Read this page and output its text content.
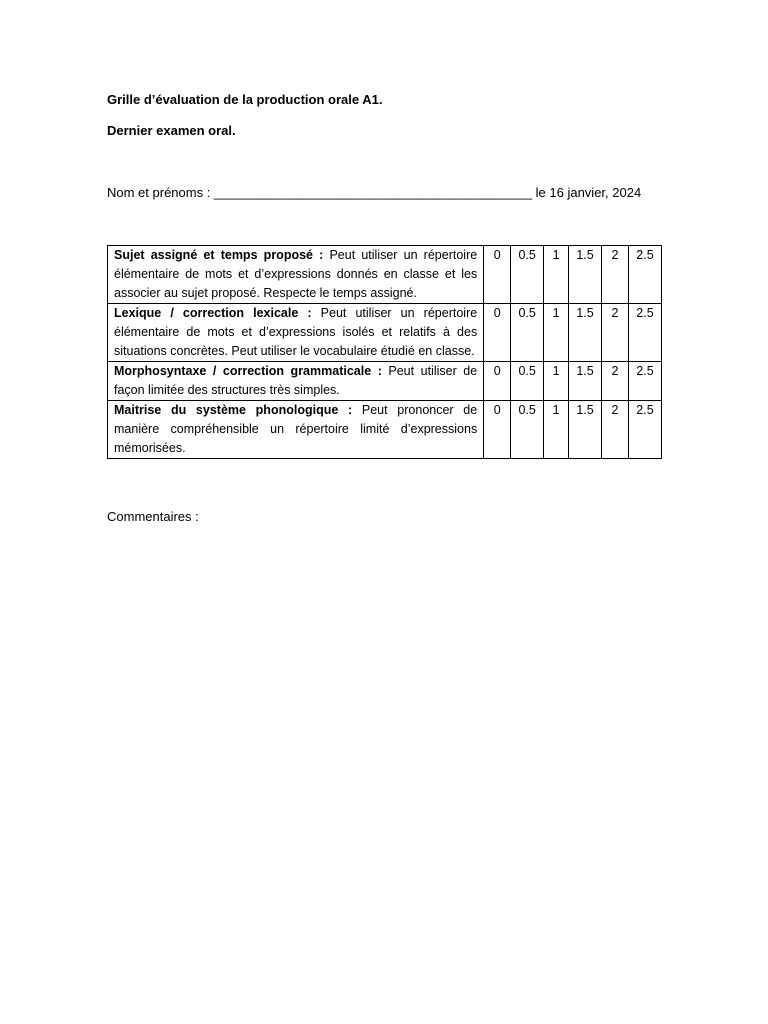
Grille d’évaluation de la production orale A1.
Dernier examen oral.
Nom et prénoms : ____________________________________________ le 16 janvier, 2024
Sujet assigné et temps proposé : Peut utiliser un répertoire élémentaire de mots et d’expressions donnés en classe et les associer au sujet proposé. Respecte le temps assigné.	0	0.5	1	1.5	2	2.5
Lexique / correction lexicale : Peut utiliser un répertoire élémentaire de mots et d’expressions isolés et relatifs à des situations concrètes. Peut utiliser le vocabulaire étudié en classe.	0	0.5	1	1.5	2	2.5
Morphosyntaxe / correction grammaticale : Peut utiliser de façon limitée des structures très simples.	0	0.5	1	1.5	2	2.5
Maitrise du système phonologique : Peut prononcer de manière compréhensible un répertoire limité d’expressions mémorisées.	0	0.5	1	1.5	2	2.5
Commentaires :
